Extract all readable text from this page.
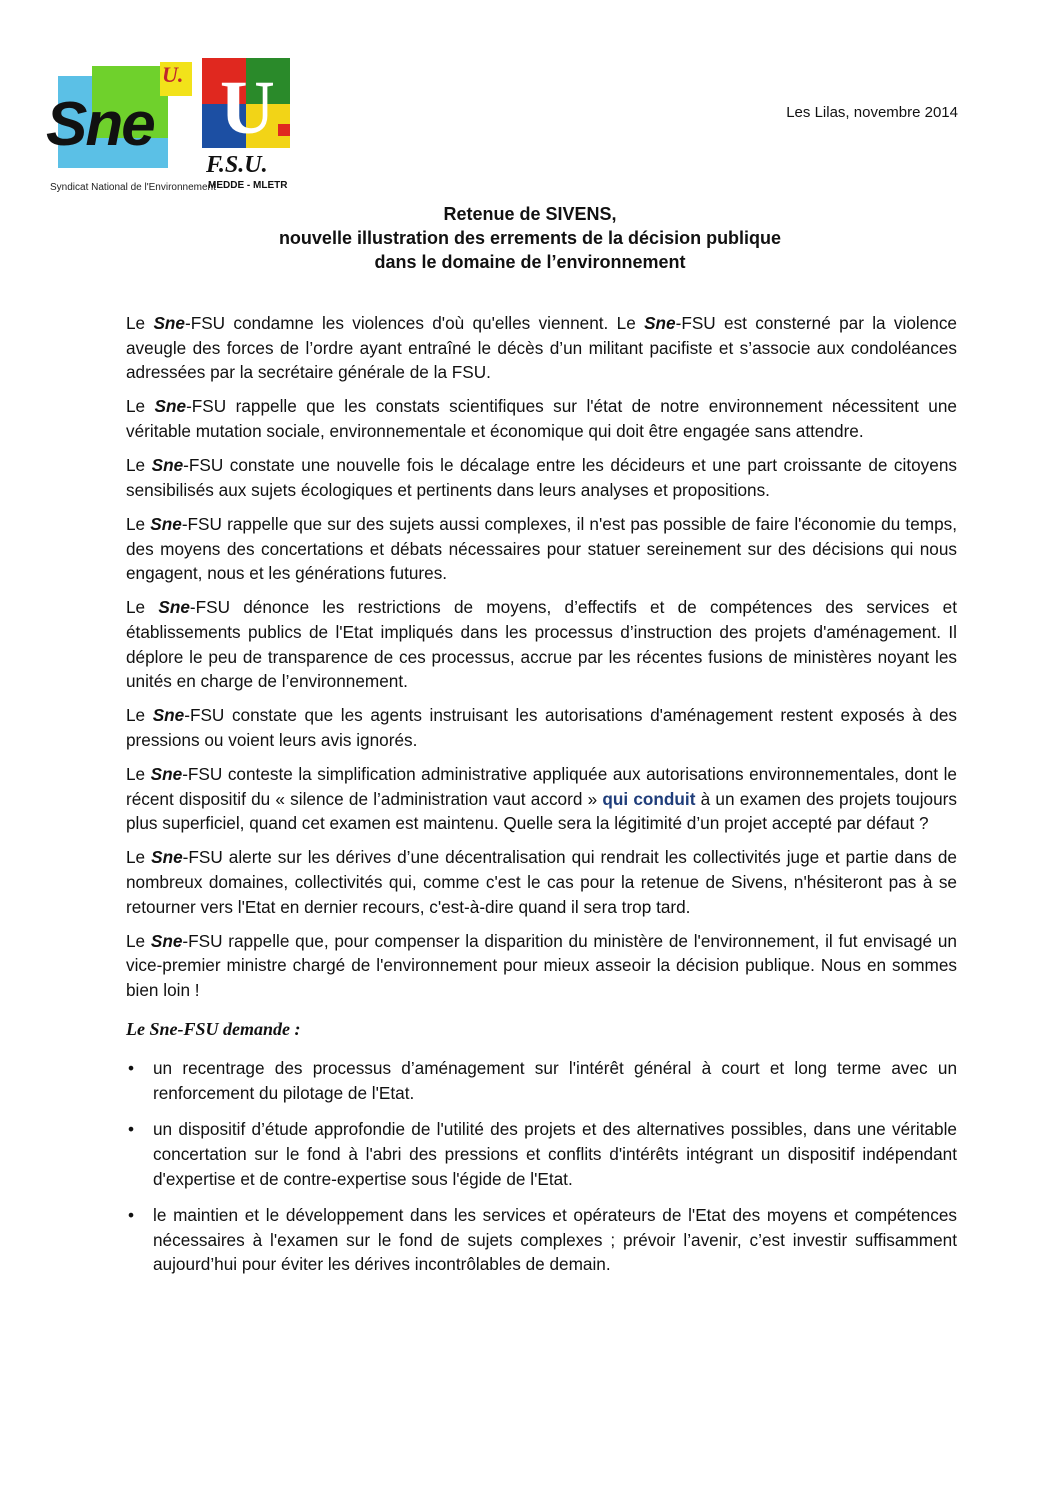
U.
Sne
Syndicat National de l'Environnement
U
F.S.U.
MEDDE - MLETR
Les Lilas, novembre 2014
Retenue de SIVENS,
nouvelle illustration des errements de la décision publique
dans le domaine de l’environnement

Le Sne-FSU condamne les violences d'où qu'elles viennent. Le Sne-FSU est consterné par la violence aveugle des forces de l’ordre ayant entraîné le décès d’un militant pacifiste et s’associe aux condoléances adressées par la secrétaire générale de la FSU.

Le Sne-FSU rappelle que les constats scientifiques sur l'état de notre environnement nécessitent une véritable mutation sociale, environnementale et économique qui doit être engagée sans attendre.

Le Sne-FSU constate une nouvelle fois le décalage entre les décideurs et une part croissante de citoyens sensibilisés aux sujets écologiques et pertinents dans leurs analyses et propositions.

Le Sne-FSU rappelle que sur des sujets aussi complexes, il n'est pas possible de faire l'économie du temps, des moyens des concertations et débats nécessaires pour statuer sereinement sur des décisions qui nous engagent, nous et les générations futures.

Le Sne-FSU dénonce les restrictions de moyens, d’effectifs et de compétences des services et établissements publics de l'Etat impliqués dans les processus d’instruction des projets d'aménagement. Il déplore le peu de transparence de ces processus, accrue par les récentes fusions de ministères noyant les unités en charge de l’environnement.

Le Sne-FSU constate que les agents instruisant les autorisations d'aménagement restent exposés à des pressions ou voient leurs avis ignorés.

Le Sne-FSU conteste la simplification administrative appliquée aux autorisations environnementales, dont le récent dispositif du « silence de l’administration vaut accord » qui conduit à un examen des projets toujours plus superficiel, quand cet examen est maintenu. Quelle sera la légitimité d’un projet accepté par défaut ?

Le Sne-FSU alerte sur les dérives d’une décentralisation qui rendrait les collectivités juge et partie dans de nombreux domaines, collectivités qui, comme c'est le cas pour la retenue de Sivens, n'hésiteront pas à se retourner vers l'Etat en dernier recours, c'est-à-dire quand il sera trop tard.

Le Sne-FSU rappelle que, pour compenser la disparition du ministère de l'environnement, il fut envisagé un vice-premier ministre chargé de l'environnement pour mieux asseoir la décision publique. Nous en sommes bien loin !

Le Sne-FSU demande :
• un recentrage des processus d’aménagement sur l'intérêt général à court et long terme avec un renforcement du pilotage de l'Etat.
• un dispositif d’étude approfondie de l'utilité des projets et des alternatives possibles, dans une véritable concertation sur le fond à l'abri des pressions et conflits d'intérêts intégrant un dispositif indépendant d'expertise et de contre-expertise sous l'égide de l'Etat.
• le maintien et le développement dans les services et opérateurs de l'Etat des moyens et compétences nécessaires à l'examen sur le fond de sujets complexes ; prévoir l’avenir, c’est investir suffisamment aujourd’hui pour éviter les dérives incontrôlables de demain.
